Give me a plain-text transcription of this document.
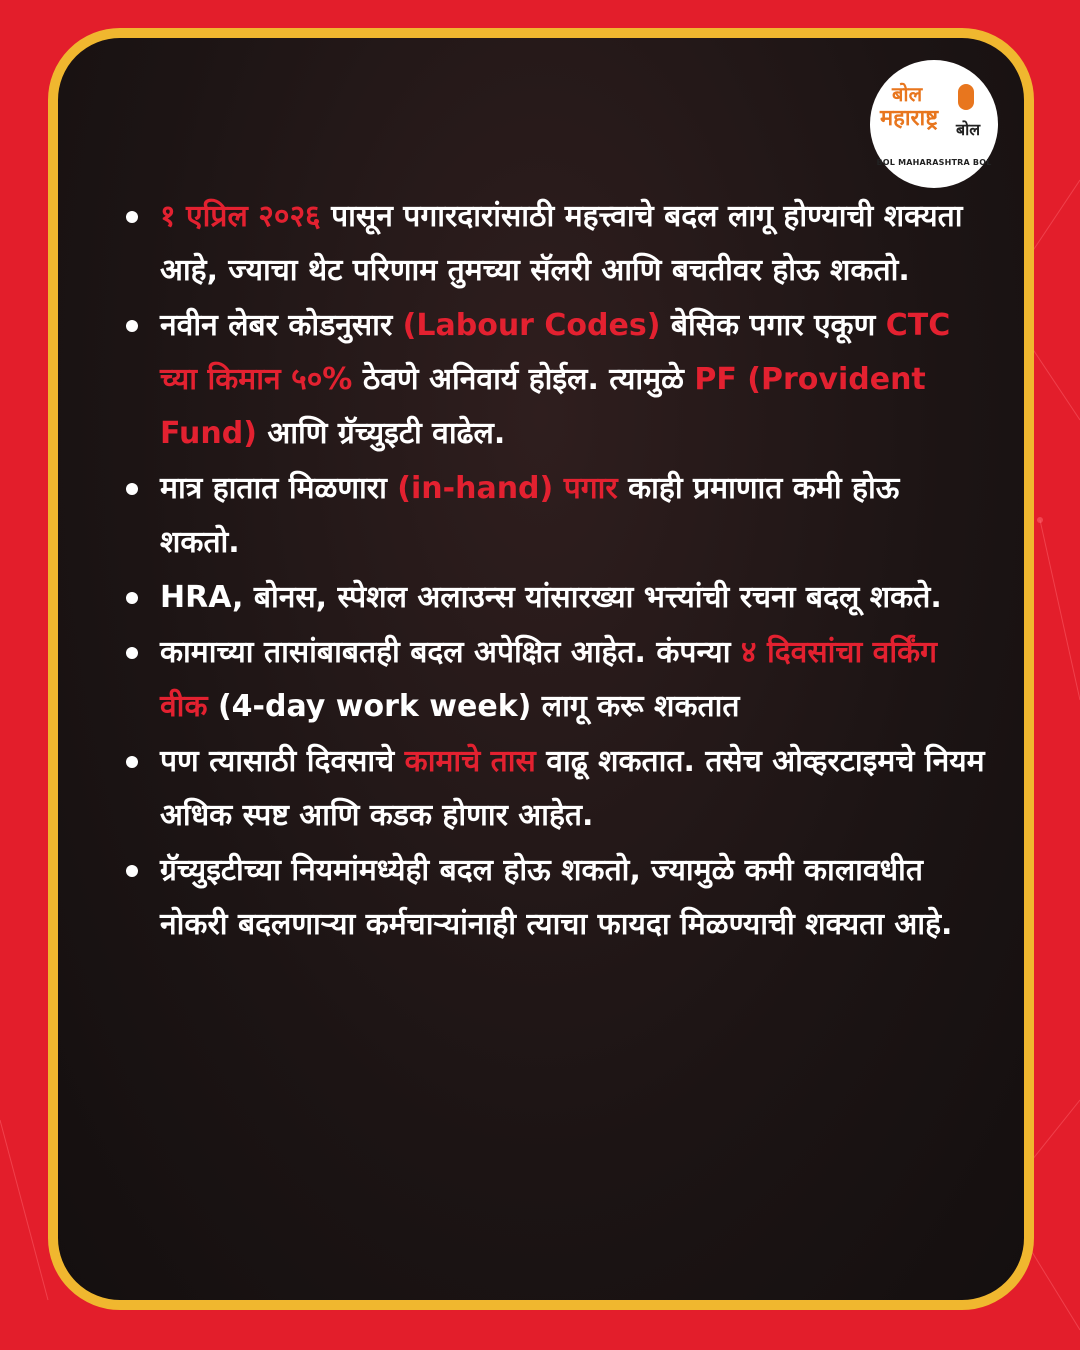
बोल
महाराष्ट्र बोल
BOL MAHARASHTRA BOL
१ एप्रिल २०२६ पासून पगारदारांसाठी महत्त्वाचे बदल लागू होण्याची शक्यता आहे, ज्याचा थेट परिणाम तुमच्या सॅलरी आणि बचतीवर होऊ शकतो.
नवीन लेबर कोडनुसार (Labour Codes) बेसिक पगार एकूण CTC च्या किमान ५०% ठेवणे अनिवार्य होईल. त्यामुळे PF (Provident Fund) आणि ग्रॅच्युइटी वाढेल.
मात्र हातात मिळणारा (in-hand) पगार काही प्रमाणात कमी होऊ शकतो.
HRA, बोनस, स्पेशल अलाउन्स यांसारख्या भत्त्यांची रचना बदलू शकते.
कामाच्या तासांबाबतही बदल अपेक्षित आहेत. कंपन्या ४ दिवसांचा वर्किंग वीक (4-day work week) लागू करू शकतात
पण त्यासाठी दिवसाचे कामाचे तास वाढू शकतात. तसेच ओव्हरटाइमचे नियम अधिक स्पष्ट आणि कडक होणार आहेत.
ग्रॅच्युइटीच्या नियमांमध्येही बदल होऊ शकतो, ज्यामुळे कमी कालावधीत नोकरी बदलणाऱ्या कर्मचाऱ्यांनाही त्याचा फायदा मिळण्याची शक्यता आहे.
